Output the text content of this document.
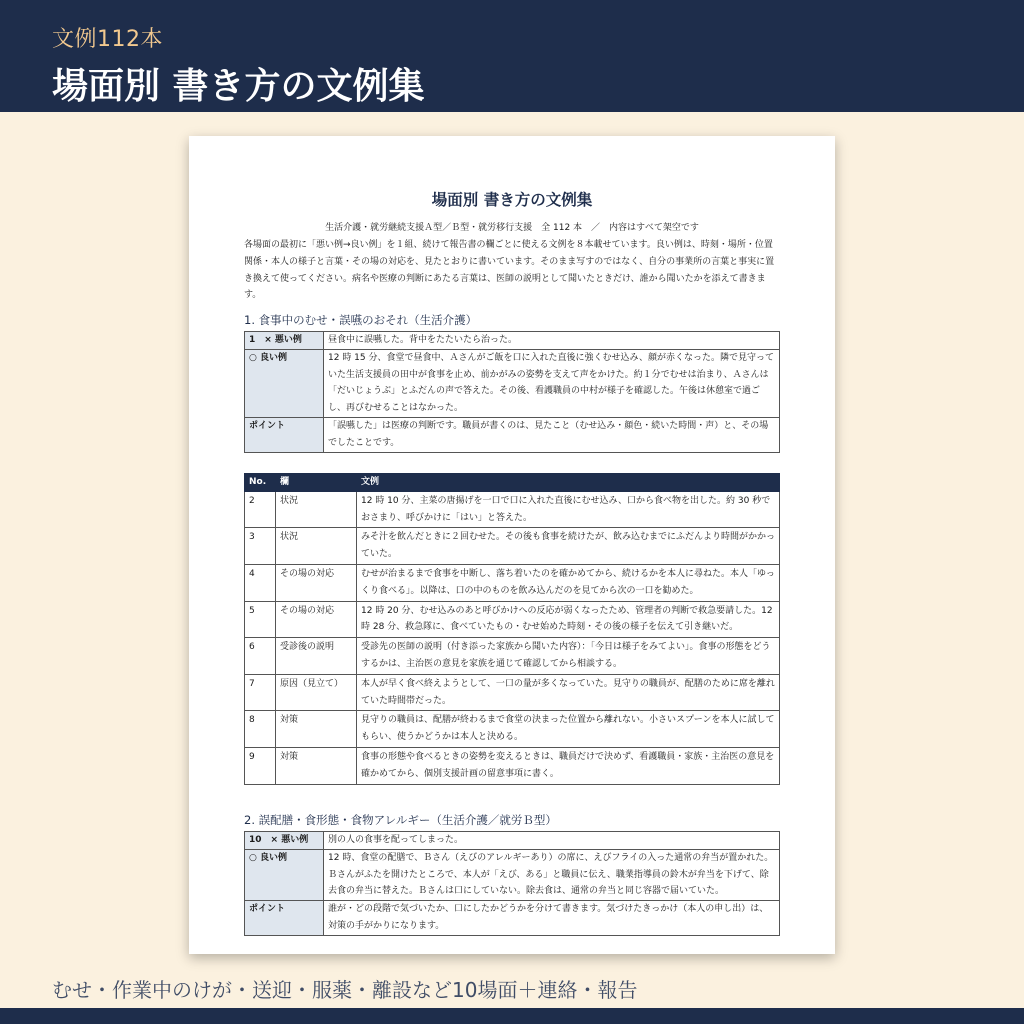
文例112本
場面別 書き方の文例集
場面別 書き方の文例集
生活介護・就労継続支援Ａ型／Ｂ型・就労移行支援　全 112 本　／　内容はすべて架空です
各場面の最初に「悪い例→良い例」を１組、続けて報告書の欄ごとに使える文例を８本載せています。良い例は、時刻・場所・位置関係・本人の様子と言葉・その場の対応を、見たとおりに書いています。そのまま写すのではなく、自分の事業所の言葉と事実に置き換えて使ってください。病名や医療の判断にあたる言葉は、医師の説明として聞いたときだけ、誰から聞いたかを添えて書きます。
1. 食事中のむせ・誤嚥のおそれ（生活介護）
1　× 悪い例	昼食中に誤嚥した。背中をたたいたら治った。
○ 良い例	12 時 15 分、食堂で昼食中、Ａさんがご飯を口に入れた直後に強くむせ込み、顔が赤くなった。隣で見守っていた生活支援員の田中が食事を止め、前かがみの姿勢を支えて声をかけた。約１分でむせは治まり、Ａさんは「だいじょうぶ」とふだんの声で答えた。その後、看護職員の中村が様子を確認した。午後は休憩室で過ごし、再びむせることはなかった。
ポイント	「誤嚥した」は医療の判断です。職員が書くのは、見たこと（むせ込み・顔色・続いた時間・声）と、その場でしたことです。
No.	欄	文例
2	状況	12 時 10 分、主菜の唐揚げを一口で口に入れた直後にむせ込み、口から食べ物を出した。約 30 秒でおさまり、呼びかけに「はい」と答えた。
3	状況	みそ汁を飲んだときに２回むせた。その後も食事を続けたが、飲み込むまでにふだんより時間がかかっていた。
4	その場の対応	むせが治まるまで食事を中断し、落ち着いたのを確かめてから、続けるかを本人に尋ねた。本人「ゆっくり食べる」。以降は、口の中のものを飲み込んだのを見てから次の一口を勧めた。
5	その場の対応	12 時 20 分、むせ込みのあと呼びかけへの反応が弱くなったため、管理者の判断で救急要請した。12 時 28 分、救急隊に、食べていたもの・むせ始めた時刻・その後の様子を伝えて引き継いだ。
6	受診後の説明	受診先の医師の説明（付き添った家族から聞いた内容）：「今日は様子をみてよい」。食事の形態をどうするかは、主治医の意見を家族を通じて確認してから相談する。
7	原因（見立て）	本人が早く食べ終えようとして、一口の量が多くなっていた。見守りの職員が、配膳のために席を離れていた時間帯だった。
8	対策	見守りの職員は、配膳が終わるまで食堂の決まった位置から離れない。小さいスプーンを本人に試してもらい、使うかどうかは本人と決める。
9	対策	食事の形態や食べるときの姿勢を変えるときは、職員だけで決めず、看護職員・家族・主治医の意見を確かめてから、個別支援計画の留意事項に書く。
2. 誤配膳・食形態・食物アレルギー（生活介護／就労Ｂ型）
10　× 悪い例	別の人の食事を配ってしまった。
○ 良い例	12 時、食堂の配膳で、Ｂさん（えびのアレルギーあり）の席に、えびフライの入った通常の弁当が置かれた。Ｂさんがふたを開けたところで、本人が「えび、ある」と職員に伝え、職業指導員の鈴木が弁当を下げて、除去食の弁当に替えた。Ｂさんは口にしていない。除去食は、通常の弁当と同じ容器で届いていた。
ポイント	誰が・どの段階で気づいたか、口にしたかどうかを分けて書きます。気づけたきっかけ（本人の申し出）は、対策の手がかりになります。
むせ・作業中のけが・送迎・服薬・離設など10場面＋連絡・報告
